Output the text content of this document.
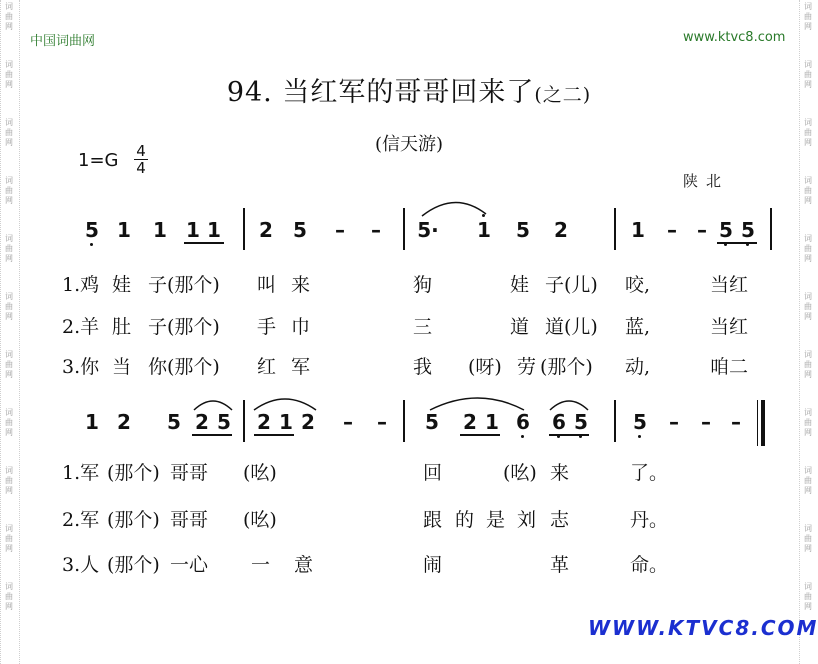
词
曲
网
词
曲
网
词
曲
网
词
曲
网
词
曲
网
词
曲
网
词
曲
网
词
曲
网
词
曲
网
词
曲
网
词
曲
网
词
曲
网
词
曲
网
词
曲
网
词
曲
网
词
曲
网
词
曲
网
词
曲
网
词
曲
网
词
曲
网
词
曲
网
词
曲
网
中国词曲网	www.ktvc8.com
94. 当红军的哥哥回来了(之二)
(信天游)
1=G 4
4
陕北
5 1 1 1 1 2 5 – – 5· 1 5 2	1 – – 5 5
1.鸡 娃 子(那个) 叫 来	狗	娃 子(儿) 咬,	当红
2.羊 肚 子(那个) 手 巾	三	道 道(儿) 蓝,	当红
3.你 当 你(那个) 红 军	我 (呀) 劳 (那个) 动,	咱二
1 2 5 2 5 2 1 2 – – 5 2 1 6 6 5 5 – – –
1.军 (那个) 哥哥 (吆)	回	(吆) 来	了。
2.军 (那个) 哥哥 (吆)	跟 的 是 刘 志	丹。
3.人 (那个) 一心 一 意	闹	革	命。
WWW.KTVC8.COM
